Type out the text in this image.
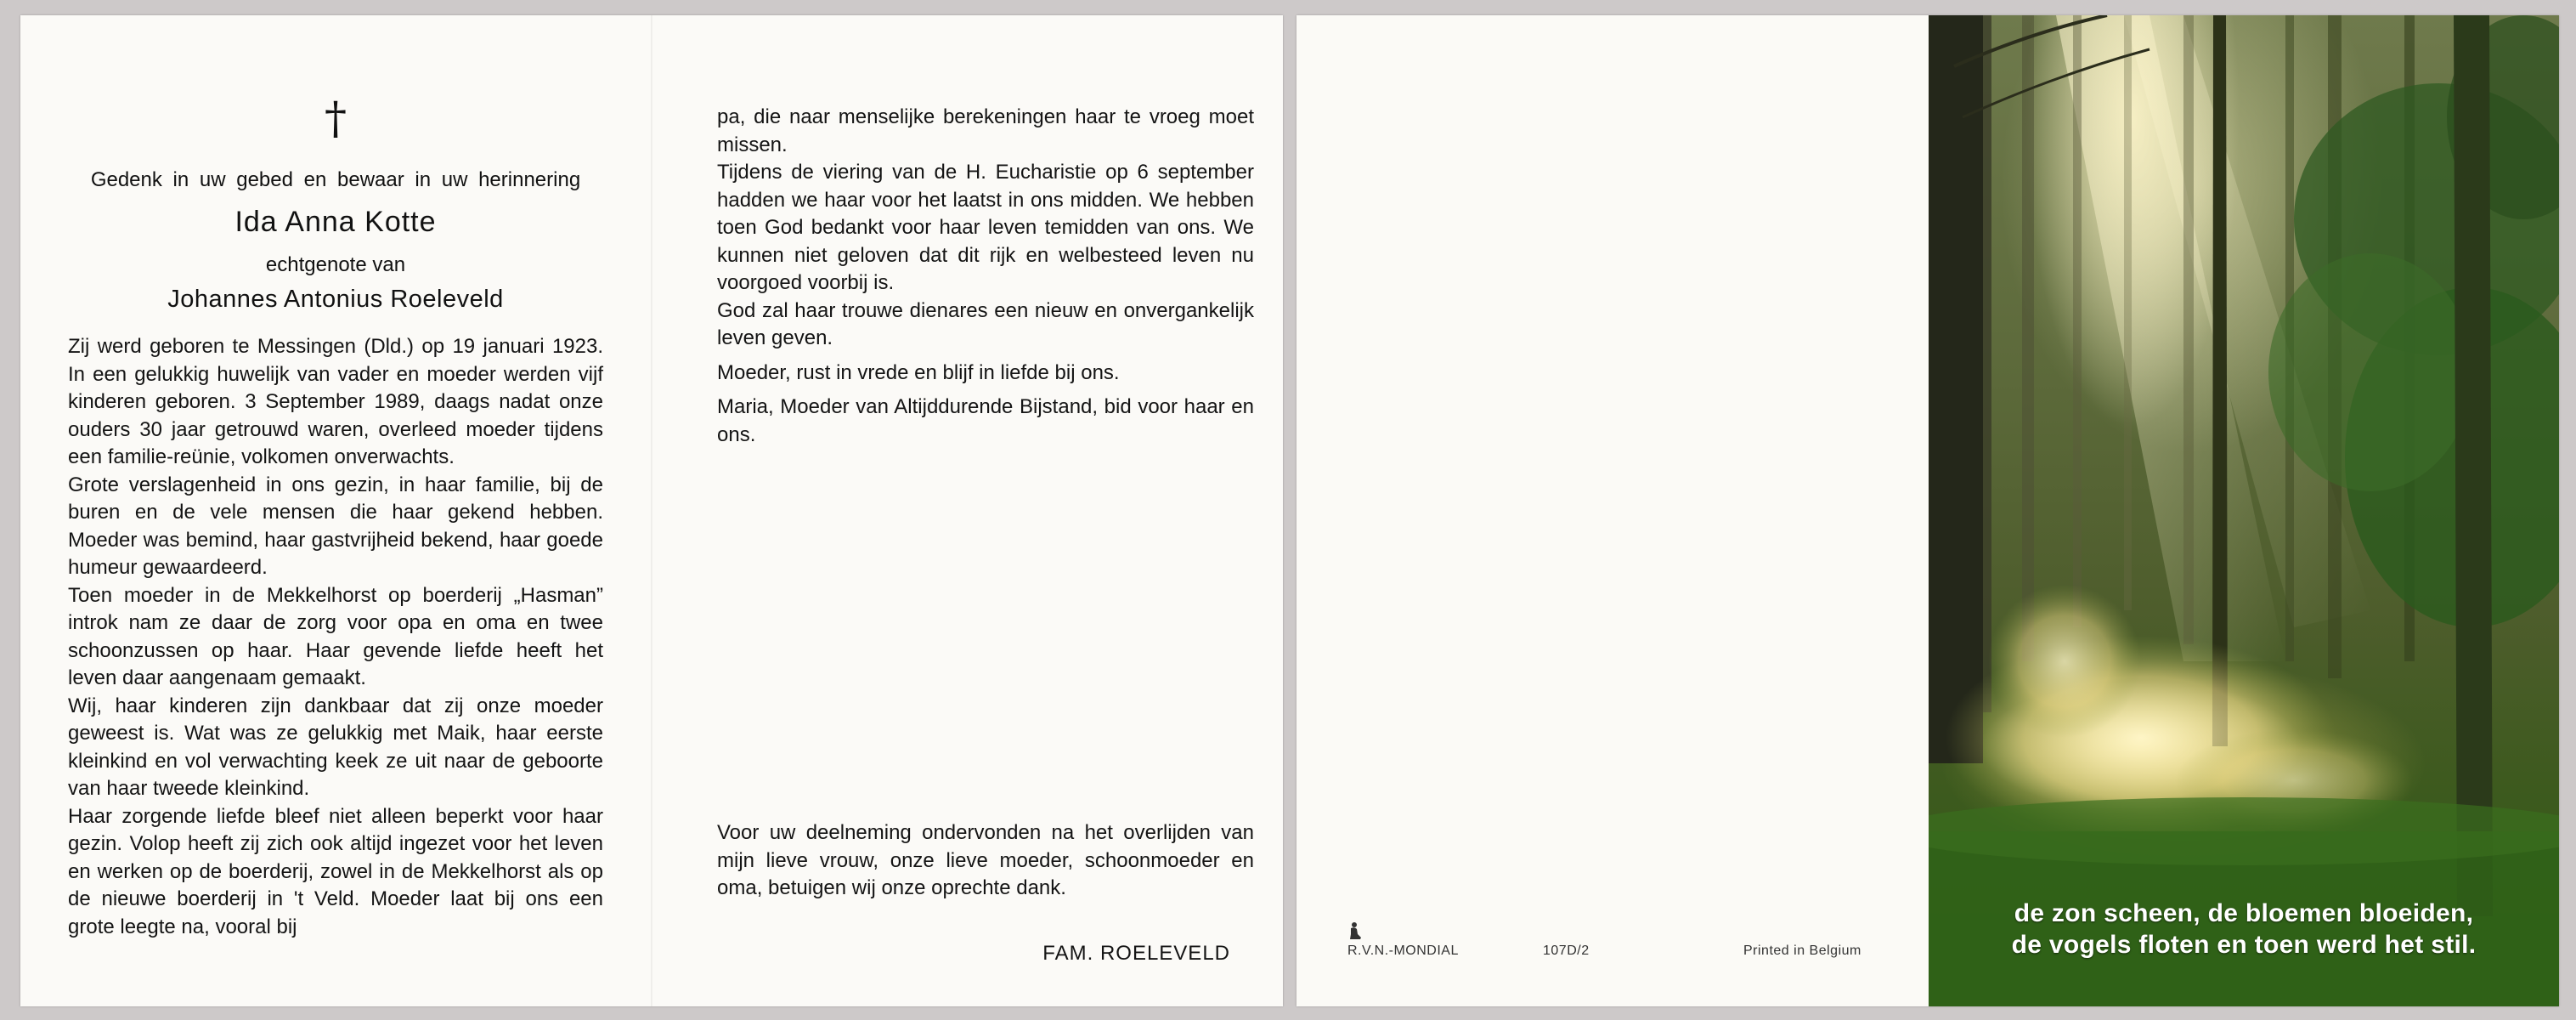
†
Gedenk in uw gebed en bewaar in uw herinnering
Ida Anna Kotte
echtgenote van
Johannes Antonius Roeleveld

Zij werd geboren te Messingen (Dld.) op 19 januari 1923. In een gelukkig huwelijk van vader en moeder werden vijf kinderen geboren. 3 September 1989, daags nadat onze ouders 30 jaar getrouwd waren, overleed moeder tijdens een familie-reünie, volkomen onverwachts.

Grote verslagenheid in ons gezin, in haar familie, bij de buren en de vele mensen die haar gekend hebben. Moeder was bemind, haar gastvrijheid bekend, haar goede humeur gewaardeerd.

Toen moeder in de Mekkelhorst op boerderij „Hasman” introk nam ze daar de zorg voor opa en oma en twee schoonzussen op haar. Haar gevende liefde heeft het leven daar aangenaam gemaakt.

Wij, haar kinderen zijn dankbaar dat zij onze moeder geweest is. Wat was ze gelukkig met Maik, haar eerste kleinkind en vol verwachting keek ze uit naar de geboorte van haar tweede kleinkind.

Haar zorgende liefde bleef niet alleen beperkt voor haar gezin. Volop heeft zij zich ook altijd ingezet voor het leven en werken op de boerderij, zowel in de Mekkelhorst als op de nieuwe boerderij in 't Veld. Moeder laat bij ons een grote leegte na, vooral bij

pa, die naar menselijke berekeningen haar te vroeg moet missen.

Tijdens de viering van de H. Eucharistie op 6 september hadden we haar voor het laatst in ons midden. We hebben toen God bedankt voor haar leven temidden van ons. We kunnen niet geloven dat dit rijk en welbesteed leven nu voorgoed voorbij is.

God zal haar trouwe dienares een nieuw en onvergankelijk leven geven.

Moeder, rust in vrede en blijf in liefde bij ons.

Maria, Moeder van Altijddurende Bijstand, bid voor haar en ons.

Voor uw deelneming ondervonden na het overlijden van mijn lieve vrouw, onze lieve moeder, schoonmoeder en oma, betuigen wij onze oprechte dank.
FAM. ROELEVELD	R.V.N.-MONDIAL	107D/2	Printed in Belgium
de zon scheen, de bloemen bloeiden,
de vogels floten en toen werd het stil.
